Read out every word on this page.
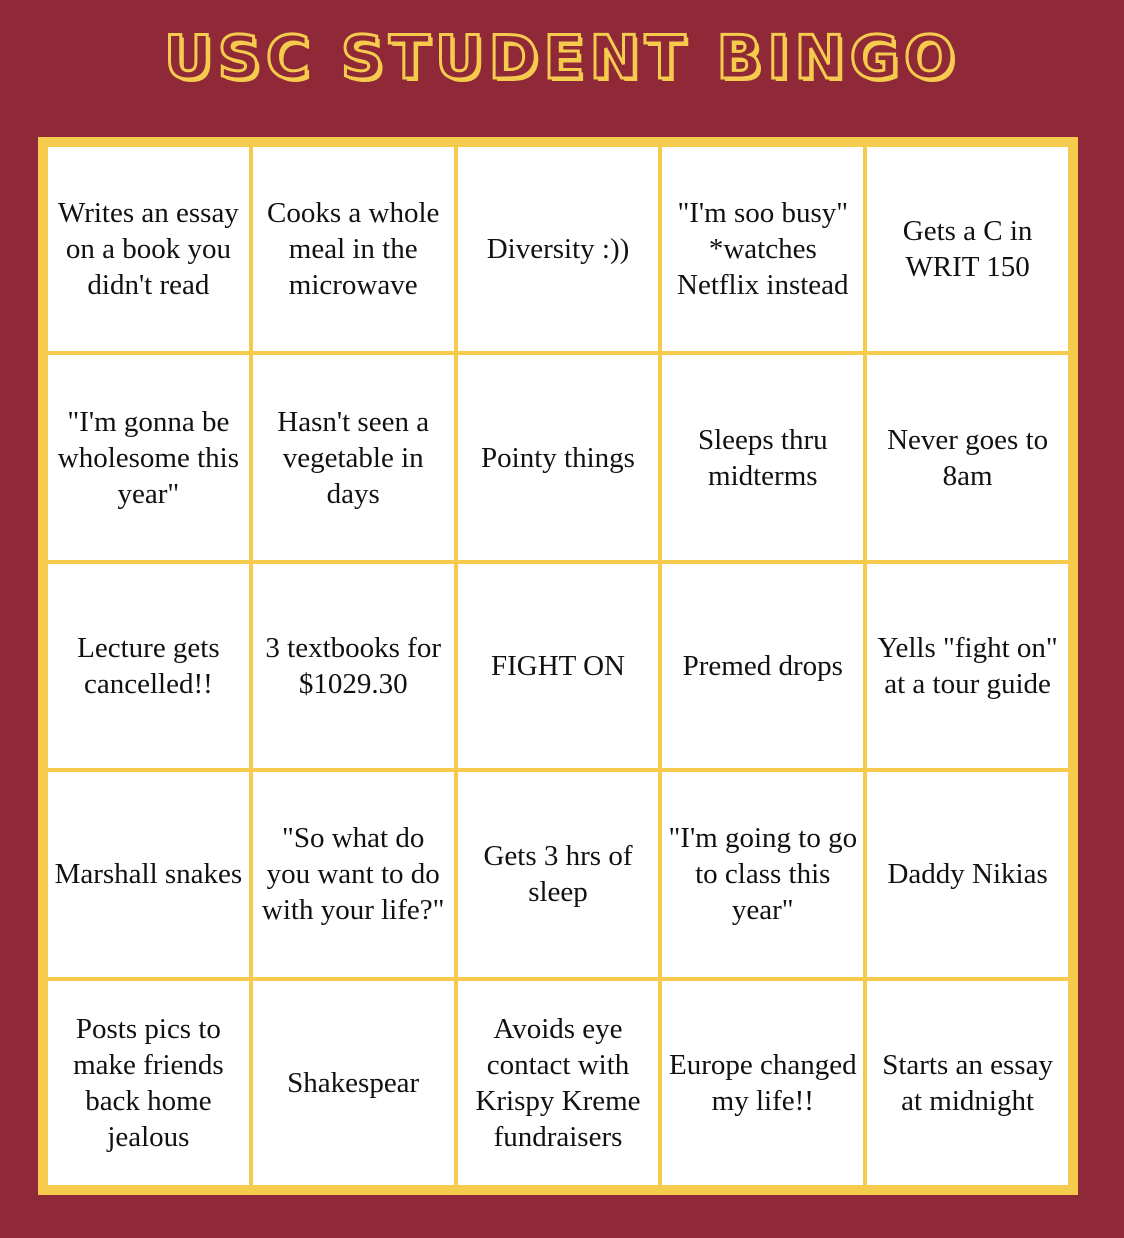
USC STUDENT BINGO
Writes an essay on a book you didn't read
Cooks a whole meal in the microwave
Diversity :))
"I'm soo busy" *watches Netflix instead
Gets a C in WRIT 150
"I'm gonna be wholesome this year"
Hasn't seen a vegetable in days
Pointy things
Sleeps thru midterms
Never goes to 8am
Lecture gets cancelled!!
3 textbooks for $1029.30
FIGHT ON	Premed drops
Yells "fight on" at a tour guide
Marshall snakes
"So what do you want to do with your life?"
Gets 3 hrs of sleep
"I'm going to go to class this year"
Daddy Nikias
Posts pics to make friends back home jealous
Shakespear
Avoids eye contact with Krispy Kreme fundraisers
Europe changed my life!!
Starts an essay at midnight
